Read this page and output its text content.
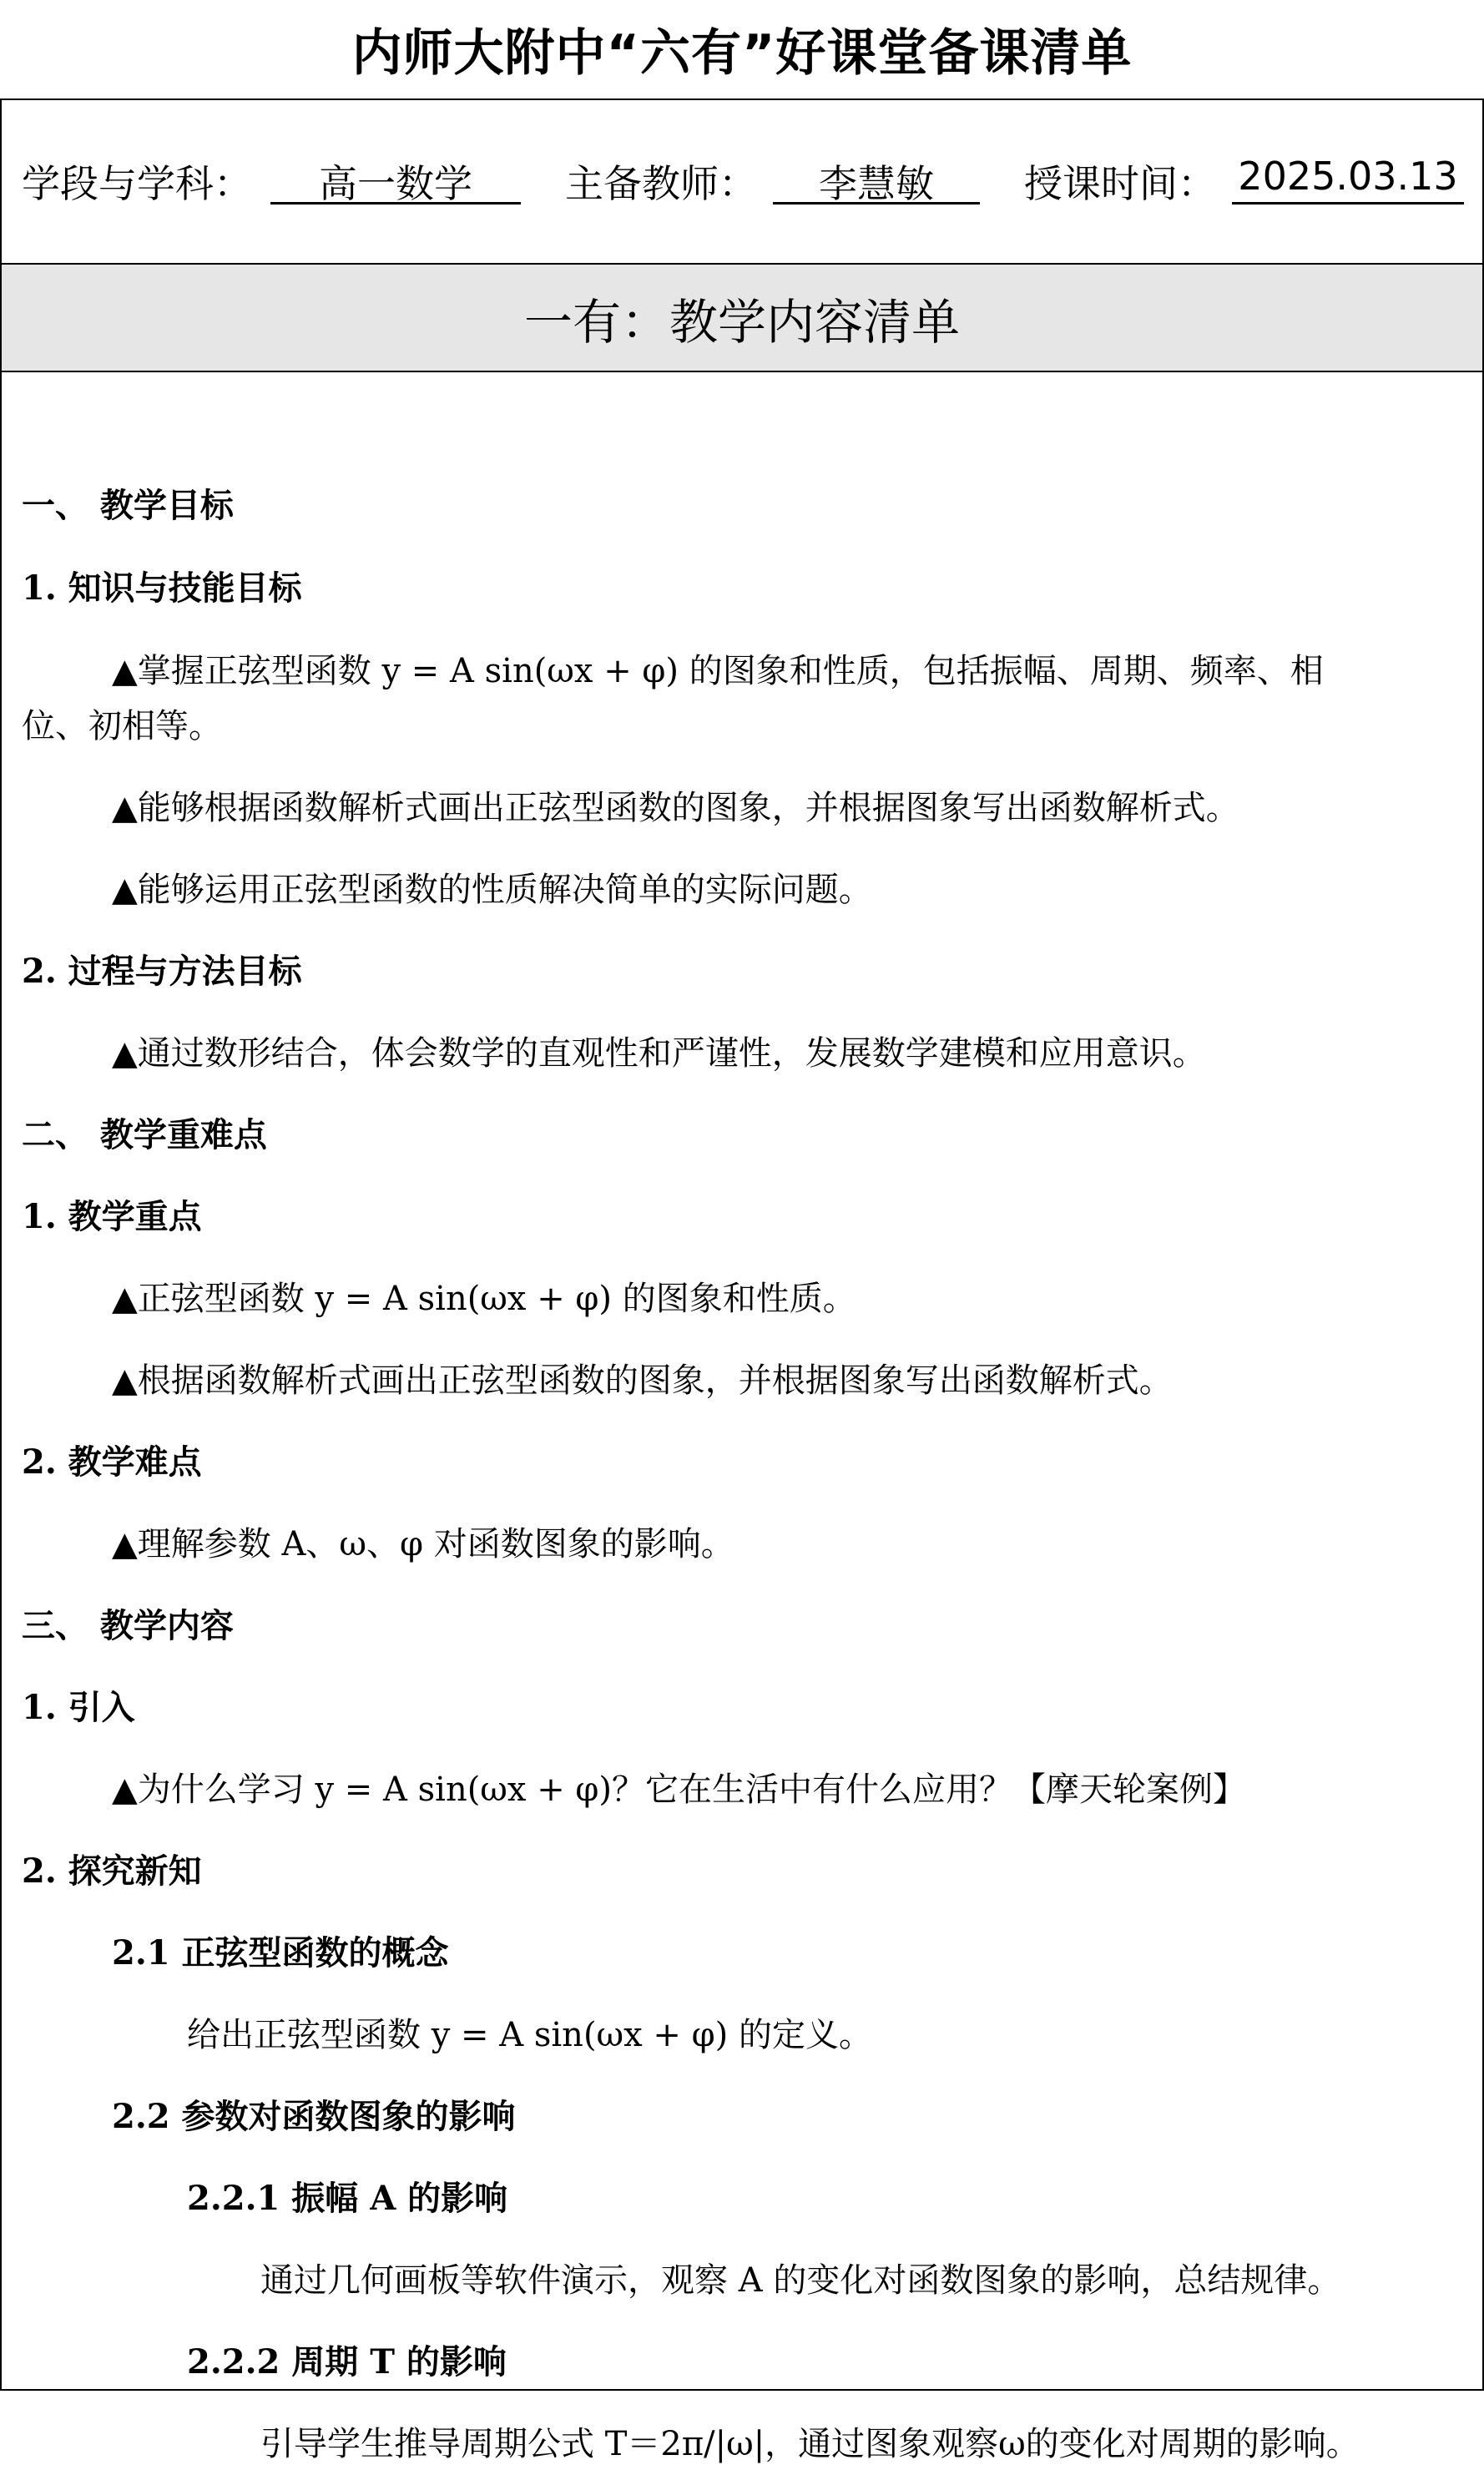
内师大附中“六有”好课堂备课清单
学段与学科：	高一数学	主备教师：	李慧敏	授课时间： 2025.03.13
一有：教学内容清单
一、 教学目标
1. 知识与技能目标
▲掌握正弦型函数 y = A sin(ωx + φ) 的图象和性质，包括振幅、周期、频率、相
位、初相等。
▲能够根据函数解析式画出正弦型函数的图象，并根据图象写出函数解析式。
▲能够运用正弦型函数的性质解决简单的实际问题。
2. 过程与方法目标
▲通过数形结合，体会数学的直观性和严谨性，发展数学建模和应用意识。
二、 教学重难点
1. 教学重点
▲正弦型函数 y = A sin(ωx + φ) 的图象和性质。
▲根据函数解析式画出正弦型函数的图象，并根据图象写出函数解析式。
2. 教学难点
▲理解参数 A、ω、φ 对函数图象的影响。
三、 教学内容
1. 引入
▲为什么学习 y = A sin(ωx + φ)？它在生活中有什么应用？【摩天轮案例】
2. 探究新知
2.1 正弦型函数的概念
给出正弦型函数 y = A sin(ωx + φ) 的定义。
2.2 参数对函数图象的影响
2.2.1 振幅 A 的影响
通过几何画板等软件演示，观察 A 的变化对函数图象的影响，总结规律。
2.2.2 周期 T 的影响
引导学生推导周期公式 T＝2π/|ω|，通过图象观察ω的变化对周期的影响。
